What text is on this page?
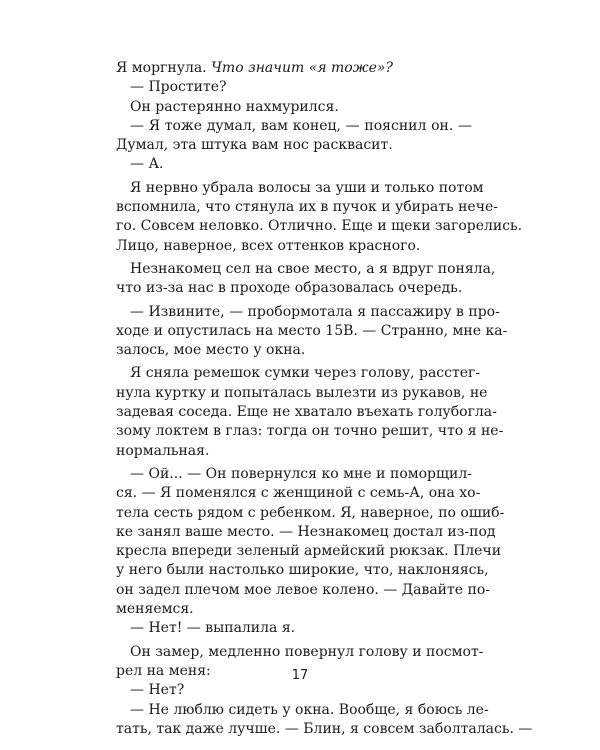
Я моргнула. Что значит «я тоже»?
— Простите?
Он растерянно нахмурился.
— Я тоже думал, вам конец, — пояснил он. —
Думал, эта штука вам нос расквасит.
— А.
Я нервно убрала волосы за уши и только потом
вспомнила, что стянула их в пучок и убирать нече-
го. Совсем неловко. Отлично. Еще и щеки загорелись.
Лицо, наверное, всех оттенков красного.
Незнакомец сел на свое место, а я вдруг поняла,
что из-за нас в проходе образовалась очередь.
— Извините, — пробормотала я пассажиру в про-
ходе и опустилась на место 15В. — Странно, мне ка-
залось, мое место у окна.
Я сняла ремешок сумки через голову, расстег-
нула куртку и попыталась вылезти из рукавов, не
задевая соседа. Еще не хватало въехать голубогла-
зому локтем в глаз: тогда он точно решит, что я не-
нормальная.
— Ой... — Он повернулся ко мне и поморщил-
ся. — Я поменялся с женщиной с семь-А, она хо-
тела сесть рядом с ребенком. Я, наверное, по ошиб-
ке занял ваше место. — Незнакомец достал из-под
кресла впереди зеленый армейский рюкзак. Плечи
у него были настолько широкие, что, наклоняясь,
он задел плечом мое левое колено. — Давайте по-
меняемся.
— Нет! — выпалила я.
Он замер, медленно повернул голову и посмот-
рел на меня:
— Нет?
— Не люблю сидеть у окна. Вообще, я боюсь ле-
тать, так даже лучше. — Блин, я совсем заболталась. —
17
